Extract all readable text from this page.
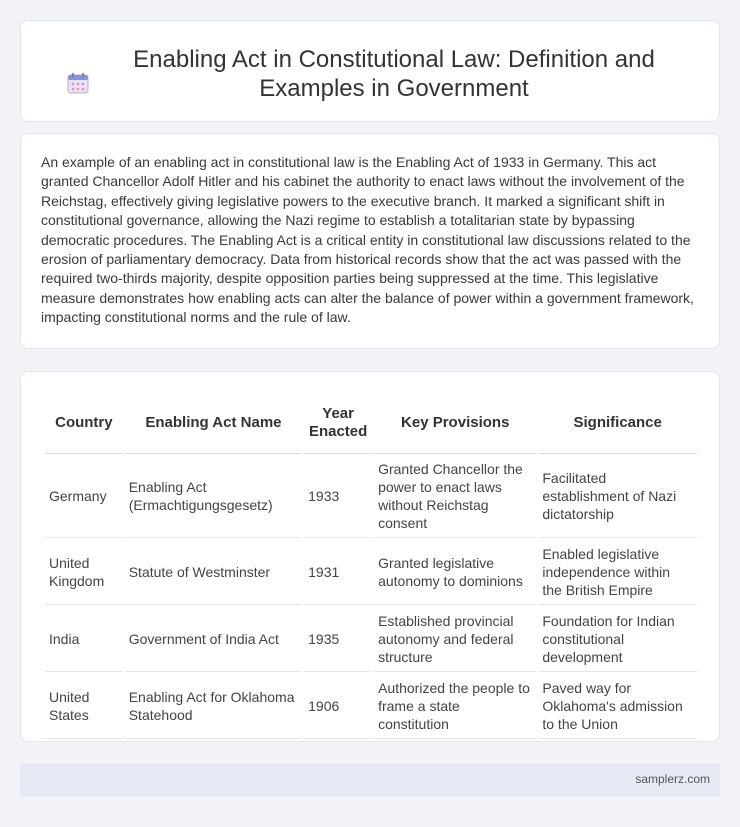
Enabling Act in Constitutional Law: Definition and Examples in Government

An example of an enabling act in constitutional law is the Enabling Act of 1933 in Germany. This act granted Chancellor Adolf Hitler and his cabinet the authority to enact laws without the involvement of the Reichstag, effectively giving legislative powers to the executive branch. It marked a significant shift in constitutional governance, allowing the Nazi regime to establish a totalitarian state by bypassing democratic procedures. The Enabling Act is a critical entity in constitutional law discussions related to the erosion of parliamentary democracy. Data from historical records show that the act was passed with the required two-thirds majority, despite opposition parties being suppressed at the time. This legislative measure demonstrates how enabling acts can alter the balance of power within a government framework, impacting constitutional norms and the rule of law.

Country	Enabling Act Name	Year Enacted	Key Provisions	Significance
Germany	Enabling Act (Ermachtigungsgesetz)	1933	Granted Chancellor the power to enact laws without Reichstag consent	Facilitated establishment of Nazi dictatorship
United Kingdom	Statute of Westminster	1931	Granted legislative autonomy to dominions	Enabled legislative independence within the British Empire
India	Government of India Act	1935	Established provincial autonomy and federal structure	Foundation for Indian constitutional development
United States	Enabling Act for Oklahoma Statehood	1906	Authorized the people to frame a state constitution	Paved way for Oklahoma's admission to the Union
samplerz.com
